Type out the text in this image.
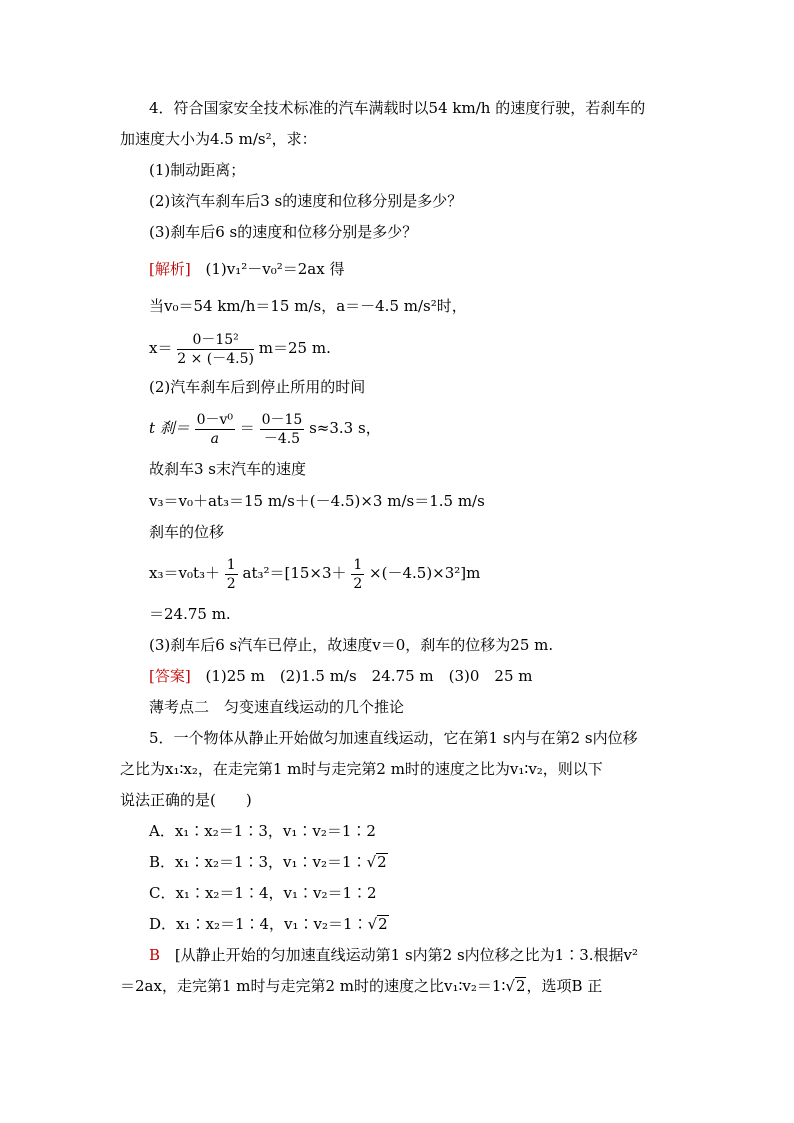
4．符合国家安全技术标准的汽车满载时以54 km/h 的速度行驶，若刹车的
加速度大小为4.5 m/s²，求：
(1)制动距离；
(2)该汽车刹车后3 s的速度和位移分别是多少？
(3)刹车后6 s的速度和位移分别是多少？
[解析] (1)v₁²－v₀²＝2ax 得
当v₀＝54 km/h＝15 m/s，a＝－4.5 m/s²时，
$x= \frac{\text{0－15²}}{2 \times (-4.5)} m=25$ m.
(2)汽车刹车后到停止所用的时间
t 刹＝ $\frac{\text{0－v⁰}}{a} = \frac{0-15}{-4.5} s\approx 3.3$ s，
故刹车3 s末汽车的速度
v₃＝v₀＋at₃＝15 m/s＋(－4.5)×3 m/s＝1.5 m/s
刹车的位移
$x_3=v_0t_3+ \frac{1}{2} at_3^2=[15\times 3+ \frac{1}{2} \times(-4.5)\times 3^2]m$
＝24.75 m.
(3)刹车后6 s汽车已停止，故速度v＝0，刹车的位移为25 m.
[答案] (1)25 m　(2)1.5 m/s　24.75 m　(3)0　25 m
薄考点二　匀变速直线运动的几个推论
5．一个物体从静止开始做匀加速直线运动，它在第1 s内与在第2 s内位移
之比为x₁∶x₂，在走完第1 m时与走完第2 m时的速度之比为v₁∶v₂，则以下
说法正确的是(　　)
A．x₁∶x₂＝1∶3，v₁∶v₂＝1∶2
B．x₁∶x₂＝1∶3，v₁∶v₂＝1∶√2
C．x₁∶x₂＝1∶4，v₁∶v₂＝1∶2
D．x₁∶x₂＝1∶4，v₁∶v₂＝1∶√2
B [从静止开始的匀加速直线运动第1 s内第2 s内位移之比为1∶3.根据v²
＝2ax，走完第1 m时与走完第2 m时的速度之比v₁∶v₂＝1∶√2，选项B 正
